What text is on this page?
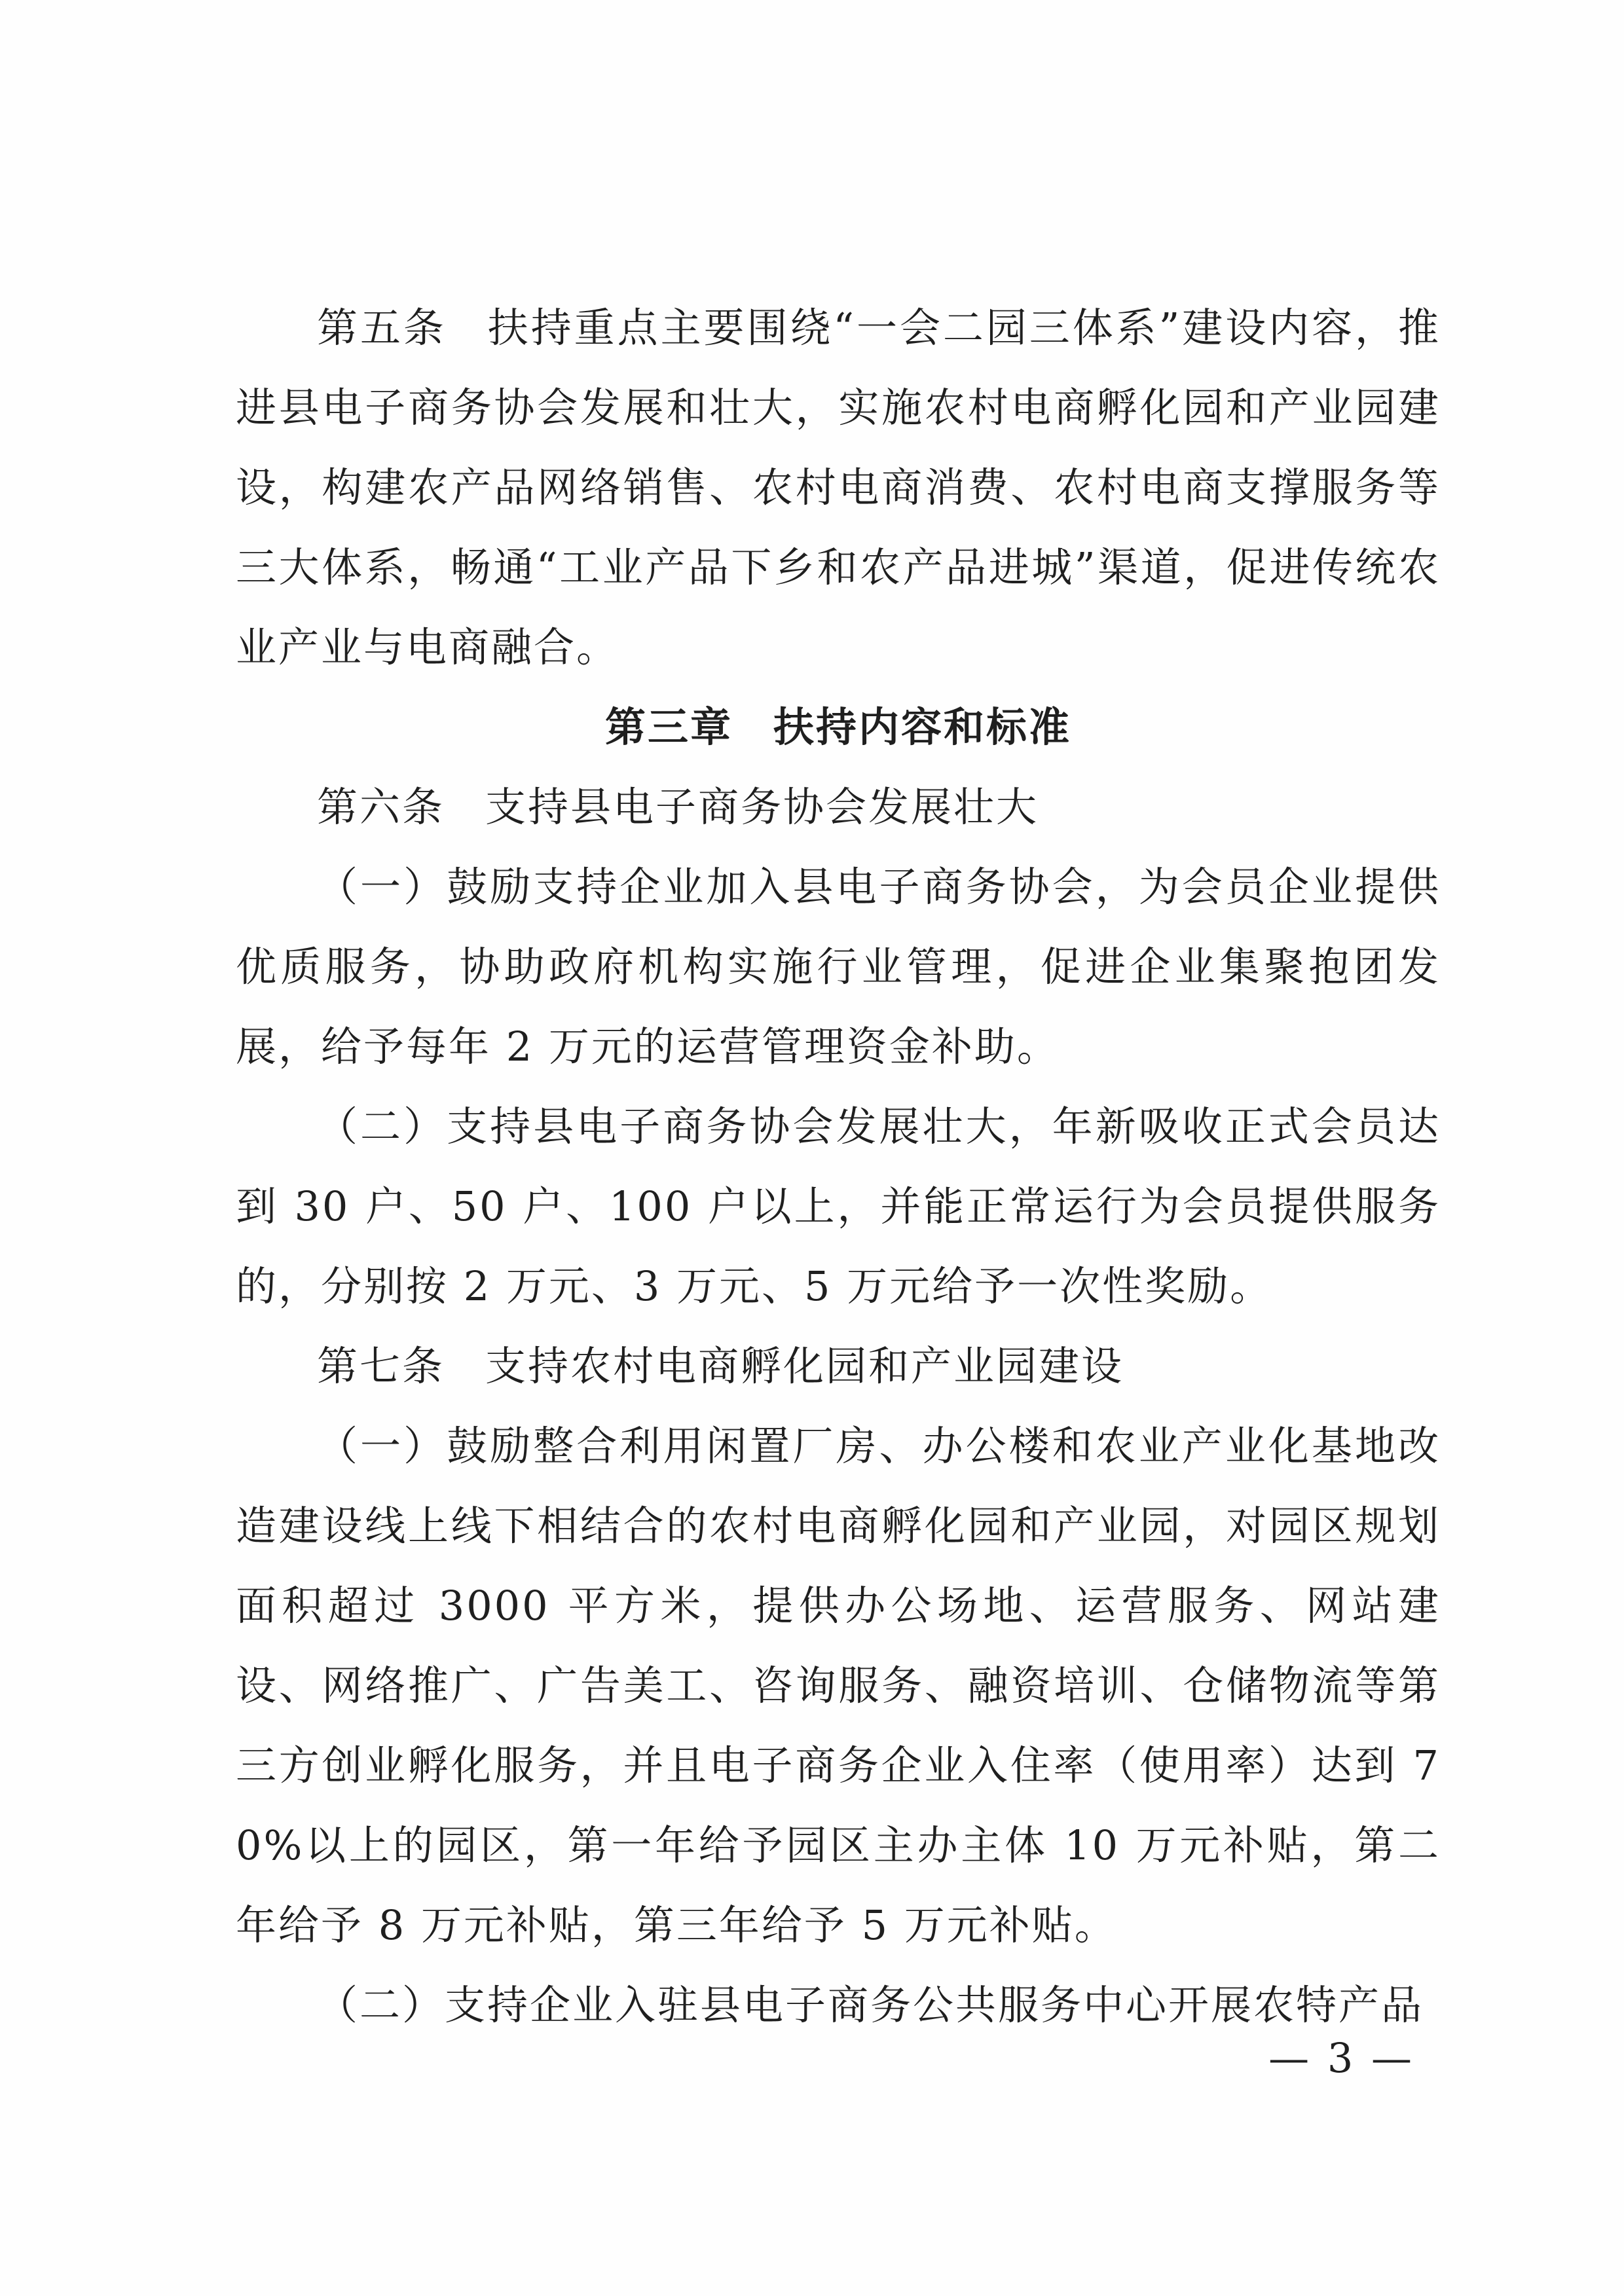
第五条 扶持重点主要围绕“一会二园三体系”建设内容，推进县电子商务协会发展和壮大，实施农村电商孵化园和产业园建设，构建农产品网络销售、农村电商消费、农村电商支撑服务等三大体系，畅通“工业产品下乡和农产品进城”渠道，促进传统农业产业与电商融合。

第三章 扶持内容和标准

第六条 支持县电子商务协会发展壮大

（一）鼓励支持企业加入县电子商务协会，为会员企业提供优质服务，协助政府机构实施行业管理，促进企业集聚抱团发展，给予每年 2 万元的运营管理资金补助。

（二）支持县电子商务协会发展壮大，年新吸收正式会员达到 30 户、50 户、100 户以上，并能正常运行为会员提供服务的，分别按 2 万元、3 万元、5 万元给予一次性奖励。

第七条 支持农村电商孵化园和产业园建设

（一）鼓励整合利用闲置厂房、办公楼和农业产业化基地改造建设线上线下相结合的农村电商孵化园和产业园，对园区规划面积超过 3000 平方米，提供办公场地、运营服务、网站建设、网络推广、广告美工、咨询服务、融资培训、仓储物流等第三方创业孵化服务，并且电子商务企业入住率（使用率）达到 70%以上的园区，第一年给予园区主办主体 10 万元补贴，第二年给予 8 万元补贴，第三年给予 5 万元补贴。

（二）支持企业入驻县电子商务公共服务中心开展农特产品

— 3 —
